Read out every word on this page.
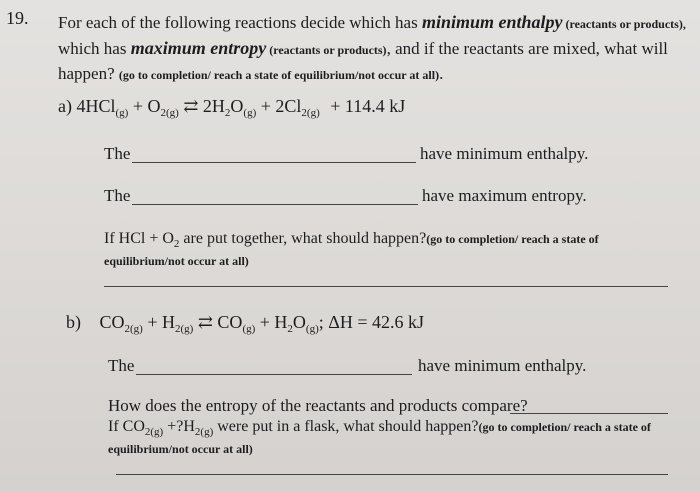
19. For each of the following reactions decide which has minimum enthalpy (reactants or products), which has maximum entropy (reactants or products), and if the reactants are mixed, what will happen? (go to completion/ reach a state of equilibrium/not occur at all).
a) $4HCl_{(g)} + O_{2(g)}$ ⇄ $2H_2O_{(g)} + 2Cl_{2(g)} + 114.4$ kJ
The	have minimum enthalpy.
The	have maximum entropy.
If HCl + $O_2$ are put together, what should happen?(go to completion/ reach a state of equilibrium/not occur at all)
b) $CO_{2(g)} + H_{2(g)}$ ⇄ $CO_{(g)} + H_2O_{(g)}$; ΔH = 42.6 kJ
The	have minimum enthalpy.
How does the entropy of the reactants and products compare?
If $CO_{2(g)}$ $+?H_{2(g)}$ were put in a flask, what should happen?(go to completion/ reach a state of equilibrium/not occur at all)
